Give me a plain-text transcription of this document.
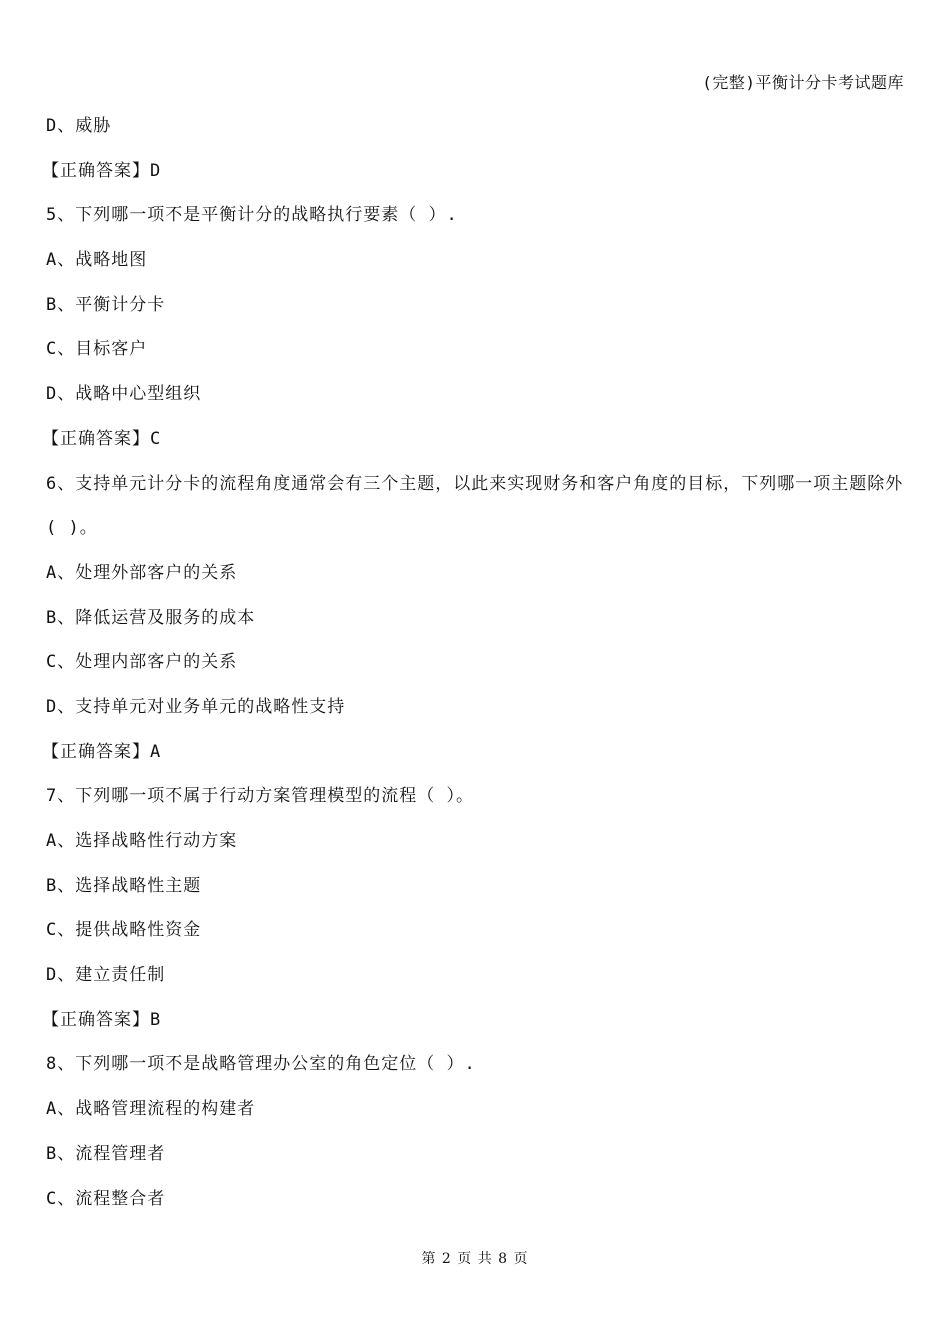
(完整)平衡计分卡考试题库
D、威胁
【正确答案】D
5、下列哪一项不是平衡计分的战略执行要素（ ）.
A、战略地图
B、平衡计分卡
C、目标客户
D、战略中心型组织
【正确答案】C
6、支持单元计分卡的流程角度通常会有三个主题，以此来实现财务和客户角度的目标，下列哪一项主题除外( )。
A、处理外部客户的关系
B、降低运营及服务的成本
C、处理内部客户的关系
D、支持单元对业务单元的战略性支持
【正确答案】A
7、下列哪一项不属于行动方案管理模型的流程（ ）。
A、选择战略性行动方案
B、选择战略性主题
C、提供战略性资金
D、建立责任制
【正确答案】B
8、下列哪一项不是战略管理办公室的角色定位（ ）.
A、战略管理流程的构建者
B、流程管理者
C、流程整合者
第 2 页 共 8 页
